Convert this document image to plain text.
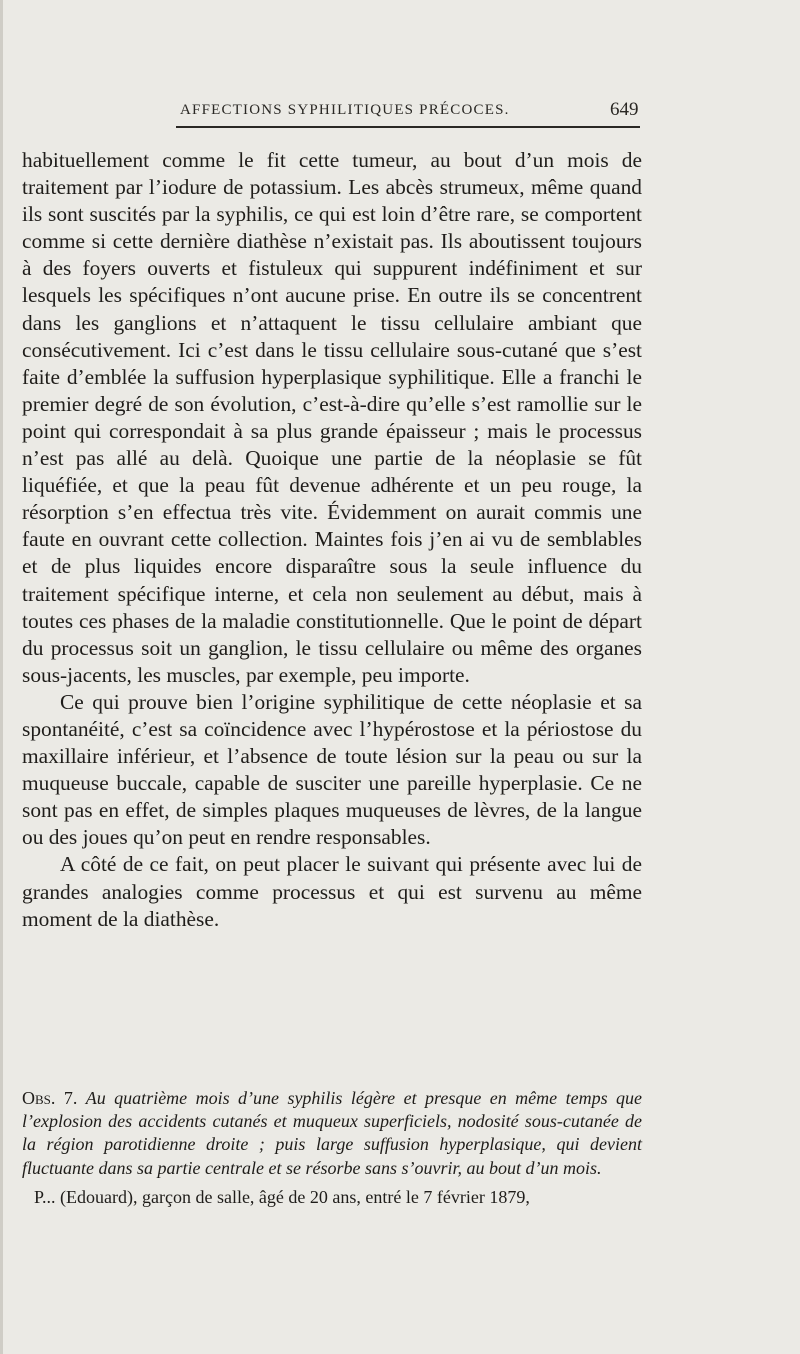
AFFECTIONS SYPHILITIQUES PRÉCOCES.	649

habituellement comme le fit cette tumeur, au bout d’un mois de traitement par l’iodure de potassium. Les abcès strumeux, même quand ils sont suscités par la syphilis, ce qui est loin d’être rare, se comportent comme si cette dernière diathèse n’existait pas. Ils aboutissent toujours à des foyers ouverts et fistuleux qui suppurent indéfiniment et sur lesquels les spécifiques n’ont aucune prise. En outre ils se concentrent dans les ganglions et n’attaquent le tissu cellulaire ambiant que consécutivement. Ici c’est dans le tissu cellulaire sous-cutané que s’est faite d’emblée la suffusion hyperplasique syphilitique. Elle a franchi le premier degré de son évolution, c’est-à-dire qu’elle s’est ramollie sur le point qui correspondait à sa plus grande épaisseur ; mais le processus n’est pas allé au delà. Quoique une partie de la néoplasie se fût liquéfiée, et que la peau fût devenue adhérente et un peu rouge, la résorption s’en effectua très vite. Évidemment on aurait commis une faute en ouvrant cette collection. Maintes fois j’en ai vu de semblables et de plus liquides encore disparaître sous la seule influence du traitement spécifique interne, et cela non seulement au début, mais à toutes ces phases de la maladie constitutionnelle. Que le point de départ du processus soit un ganglion, le tissu cellulaire ou même des organes sous-jacents, les muscles, par exemple, peu importe.

Ce qui prouve bien l’origine syphilitique de cette néoplasie et sa spontanéité, c’est sa coïncidence avec l’hypérostose et la périostose du maxillaire inférieur, et l’absence de toute lésion sur la peau ou sur la muqueuse buccale, capable de susciter une pareille hyperplasie. Ce ne sont pas en effet, de simples plaques muqueuses de lèvres, de la langue ou des joues qu’on peut en rendre responsables.

A côté de ce fait, on peut placer le suivant qui présente avec lui de grandes analogies comme processus et qui est survenu au même moment de la diathèse.

Obs. 7. Au quatrième mois d’une syphilis légère et presque en même temps que l’explosion des accidents cutanés et muqueux superficiels, nodosité sous-cutanée de la région parotidienne droite ; puis large suffusion hyperplasique, qui devient fluctuante dans sa partie centrale et se résorbe sans s’ouvrir, au bout d’un mois.

P... (Edouard), garçon de salle, âgé de 20 ans, entré le 7 février 1879,
